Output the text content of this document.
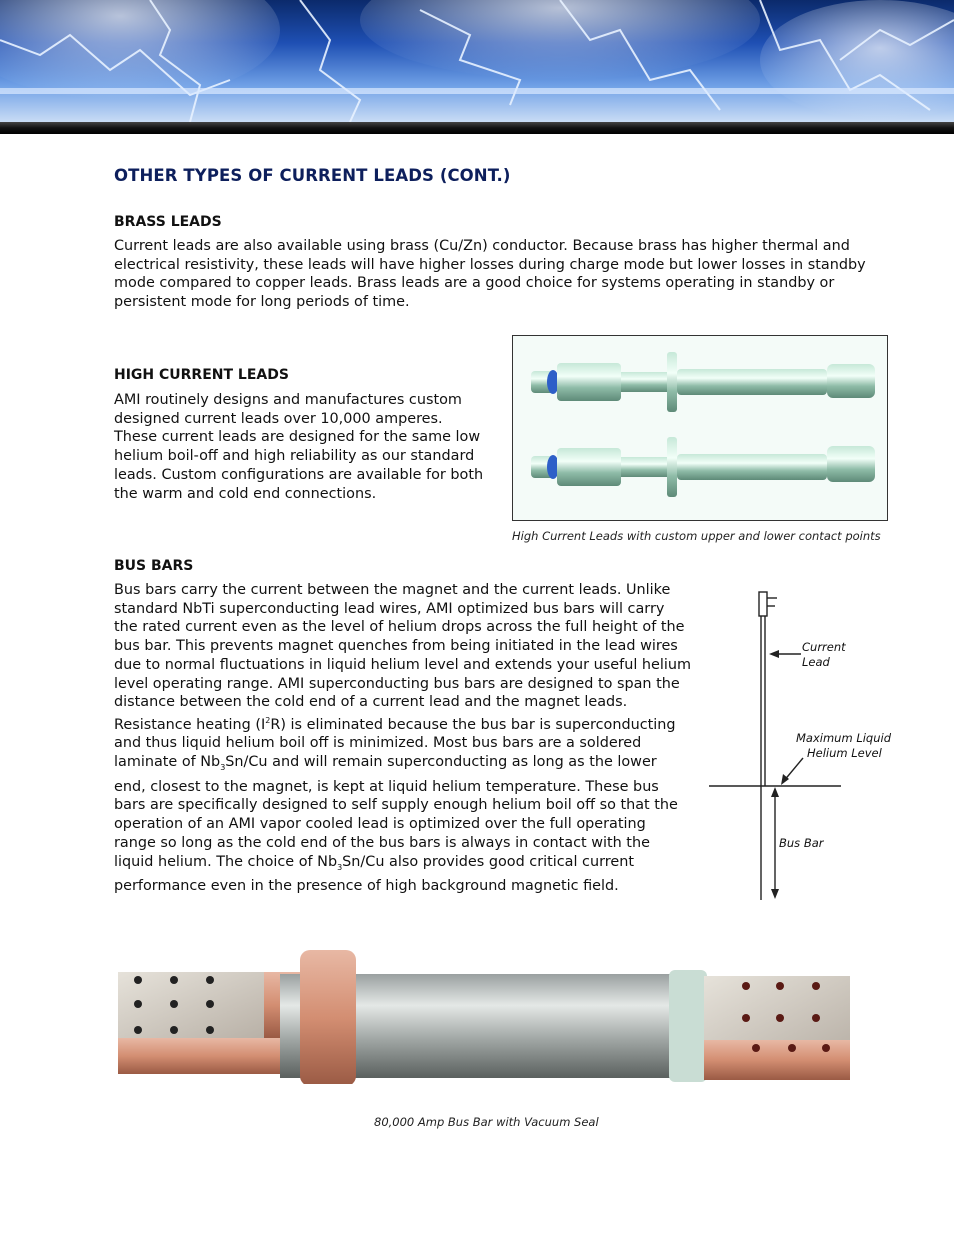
OTHER TYPES OF CURRENT LEADS (CONT.)
BRASS LEADS

Current leads are also available using brass (Cu/Zn) conductor. Because brass has higher thermal and electrical resistivity, these leads will have higher losses during charge mode but lower losses in standby mode compared to copper leads. Brass leads are a good choice for systems operating in standby or persistent mode for long periods of time.

HIGH CURRENT LEADS

AMI routinely designs and manufactures custom designed current leads over 10,000 amperes. These current leads are designed for the same low helium boil-off and high reliability as our standard leads. Custom configurations are available for both the warm and cold end connections.

High Current Leads with custom upper and lower contact points

BUS BARS

Bus bars carry the current between the magnet and the current leads. Unlike standard NbTi superconducting lead wires, AMI optimized bus bars will carry the rated current even as the level of helium drops across the full height of the bus bar. This prevents magnet quenches from being initiated in the lead wires due to normal fluctuations in liquid helium level and extends your useful helium level operating range. AMI superconducting bus bars are designed to span the distance between the cold end of a current lead and the magnet leads. Resistance heating $(I^2R)$ is eliminated because the bus bar is superconducting and thus liquid helium boil off is minimized. Most bus bars are a soldered laminate of $Nb_3Sn/Cu$ and will remain superconducting as long as the lower end, closest to the magnet, is kept at liquid helium temperature. These bus bars are specifically designed to self supply enough helium boil off so that the operation of an AMI vapor cooled lead is optimized over the full operating range so long as the cold end of the bus bars is always in contact with the liquid helium. The choice of $Nb_3Sn/Cu$ also provides good critical current performance even in the presence of high background magnetic field.

Current
Lead
Maximum Liquid
Helium Level
Bus Bar

80,000 Amp Bus Bar with Vacuum Seal
